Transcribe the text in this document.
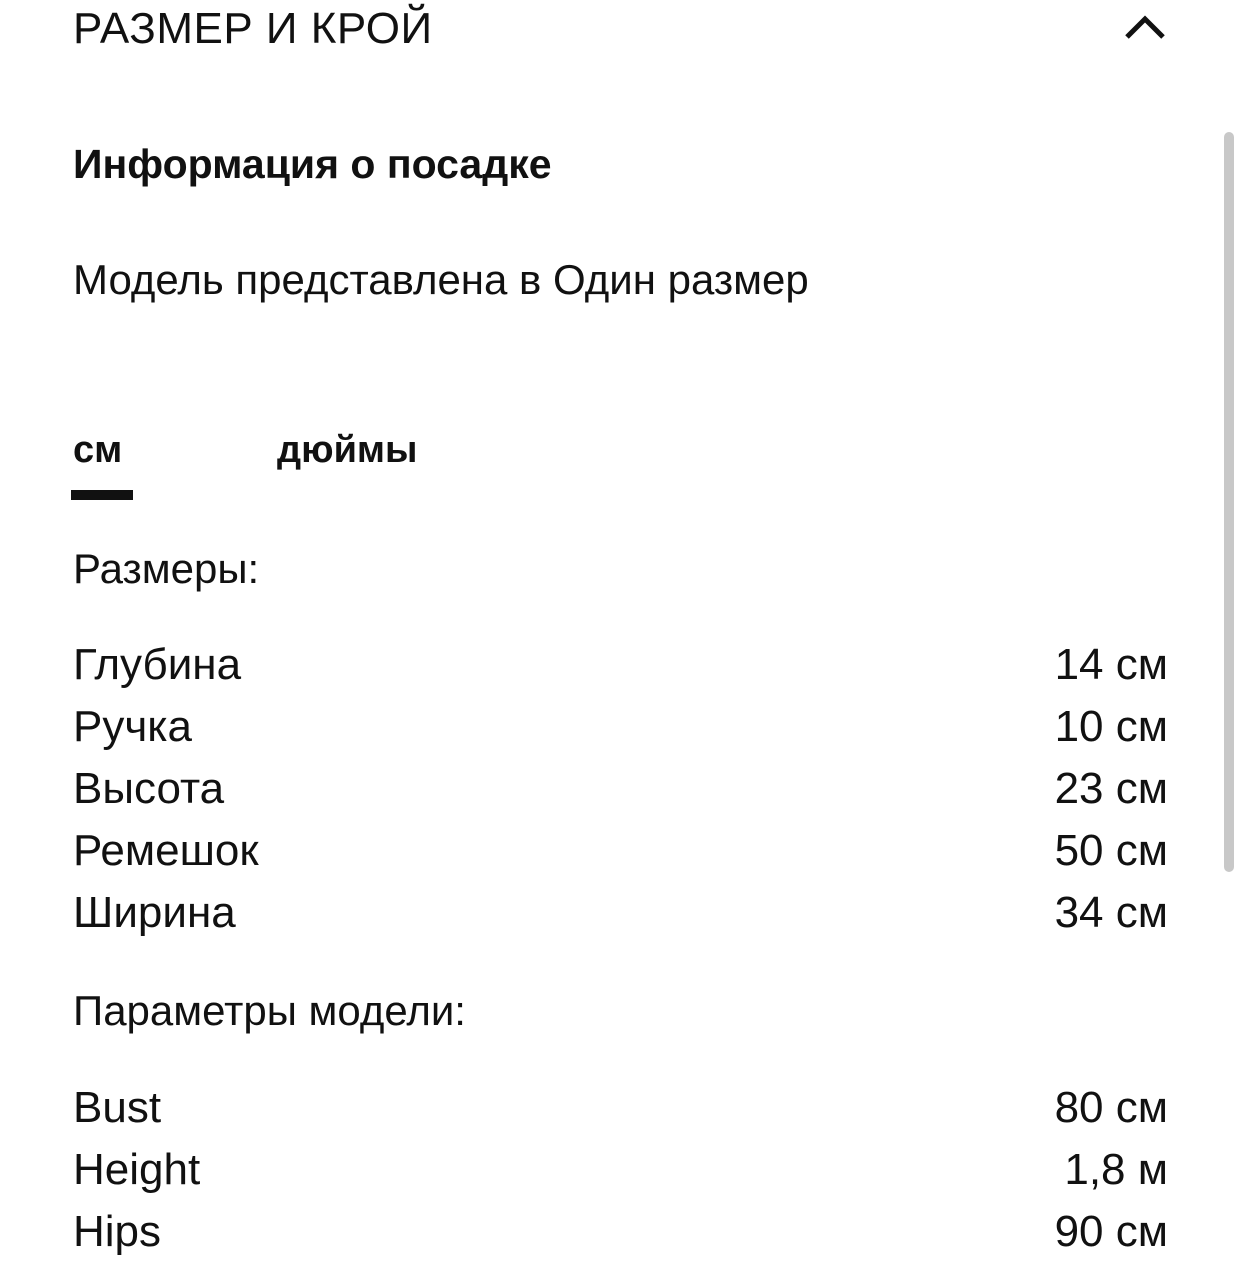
РАЗМЕР И КРОЙ
Информация о посадке
Модель представлена в Один размер
см	дюймы
Размеры:
Глубина	14 см
Ручка	10 см
Высота	23 см
Ремешок	50 см
Ширина	34 см
Параметры модели:
Bust	80 см
Height	1,8 м
Hips	90 см
